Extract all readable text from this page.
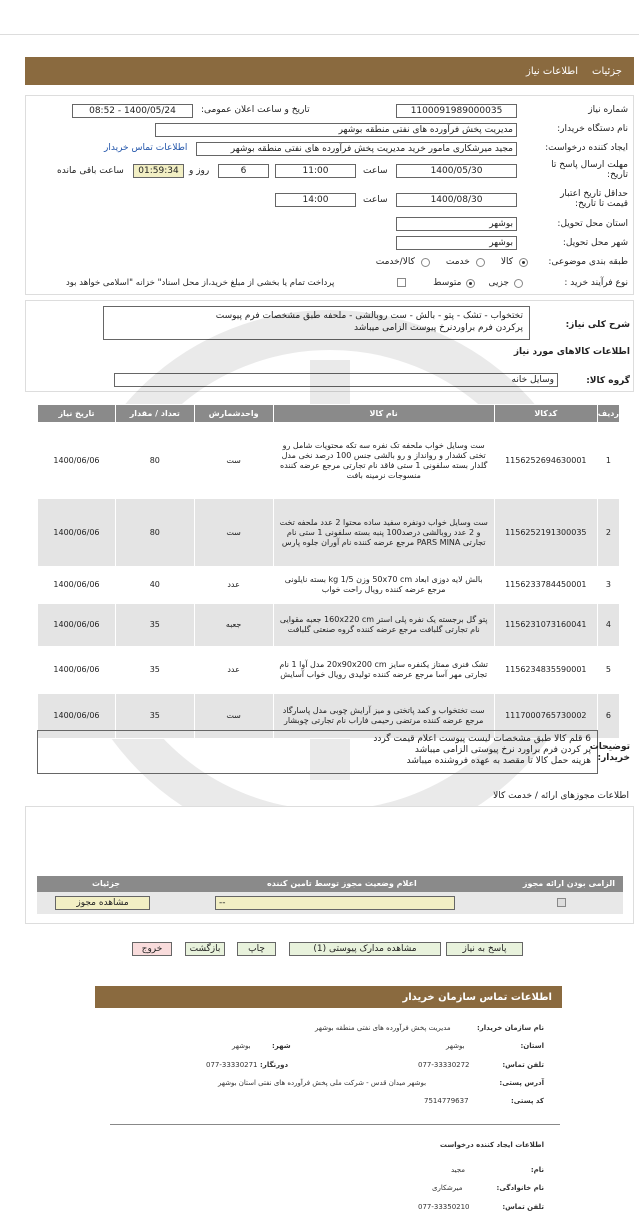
جزئیات
اطلاعات نیاز
شماره نیاز
1100091989000035
تاریخ و ساعت اعلان عمومی:
1400/05/24 - 08:52
نام دستگاه خریدار:
مدیریت پخش فرآورده های نفتی منطقه بوشهر
ایجاد کننده درخواست:
مجید میرشکاری مامور خرید مدیریت پخش فرآورده های نفتی منطقه بوشهر
اطلاعات تماس خریدار
مهلت ارسال پاسخ تا تاریخ:
1400/05/30
ساعت
11:00
6
روز و
01:59:34
ساعت باقی مانده
حداقل تاریخ اعتبار قیمت تا تاریخ:
1400/08/30
ساعت
14:00
استان محل تحویل:
بوشهر
شهر محل تحویل:
بوشهر
طبقه بندی موضوعی:
کالا
خدمت
کالا/خدمت
نوع فرآیند خرید :
جزیی
متوسط
پرداخت تمام یا بخشی از مبلغ خرید،از محل اسناد" خزانه "اسلامی خواهد بود
شرح کلی نیاز:
تختخواب - تشک - پتو - بالش - ست روبالشی - ملحفه طبق مشخصات فرم پیوست
پرکردن فرم براوردنرخ پیوست الزامی میباشد
اطلاعات کالاهای مورد نیاز
گروه کالا:
وسایل خانه
ردیف	کدکالا	نام کالا	واحدشمارش	تعداد / مقدار	تاریخ نیاز
1	1156252694630001	ست وسایل خواب ملحفه تک نفره سه تکه محتویات شامل رو تختی کشدار و روانداز و رو بالشی جنس 100 درصد نخی مدل گلدار بسته سلفونی 1 ستی فاقد نام تجارتی مرجع عرضه کننده منسوجات نرمینه بافت	ست	80	1400/06/06
2	1156252191300035	ست وسایل خواب دونفره سفید ساده محتوا 2 عدد ملحفه تخت و 2 عدد روبالشی درصد100 پنبه بسته سلفونی 1 ستی نام تجارتی PARS MINA مرجع عرضه کننده نام آوران جلوه پارس	ست	80	1400/06/06
3	1156233784450001	بالش لایه دوزی ابعاد 50x70 cm وزن 1/5 kg بسته نایلونی مرجع عرضه کننده رویال راحت خواب	عدد	40	1400/06/06
4	1156231073160041	پتو گل برجسته یک نفره پلی استر 160x220 cm جعبه مقوایی نام تجارتی گلبافت مرجع عرضه کننده گروه صنعتی گلبافت	جعبه	35	1400/06/06
5	1156234835590001	تشک فنری ممتاز یکنفره سایز 20x90x200 cm مدل آوا 1 نام تجارتی مهر آسا مرجع عرضه کننده تولیدی رویال خواب آسایش	عدد	35	1400/06/06
6	1117000765730002	ست تختخواب و کمد پاتختی و میز آرایش چوبی مدل پاسارگاد مرجع عرضه کننده مرتضی رحیمی فاراب نام تجارتی چوبشار	ست	35	1400/06/06
6 قلم کالا طبق مشخصات لیست پیوست اعلام قیمت گردد
پر کردن فرم براورد نرخ پیوستی الزامی میباشد
هزینه حمل کالا تا مقصد به عهده فروشنده میباشد
توضیحات خریدار:
اطلاعات مجوزهای ارائه / خدمت کالا
الزامی بودن ارائه مجوز
اعلام وضعیت مجوز توسط تامین کننده
جزئیات
--
مشاهده مجوز
پاسخ به نیاز
مشاهده مدارک پیوستی (1)
چاپ
بازگشت
خروج
اطلاعات تماس سازمان خریدار
نام سازمان خریدار:
مدیریت پخش فرآورده های نفتی منطقه بوشهر
استان:
بوشهر
شهر:
بوشهر
تلفن تماس:
077-33330272
دورنگار:
077-33330271
آدرس پستی:
بوشهر میدان قدس - شرکت ملی پخش فرآورده های نفتی استان بوشهر
کد پستی:
7514779637
اطلاعات ایجاد کننده درخواست
نام:
مجید
نام خانوادگی:
میرشکاری
تلفن تماس:
077-33350210
